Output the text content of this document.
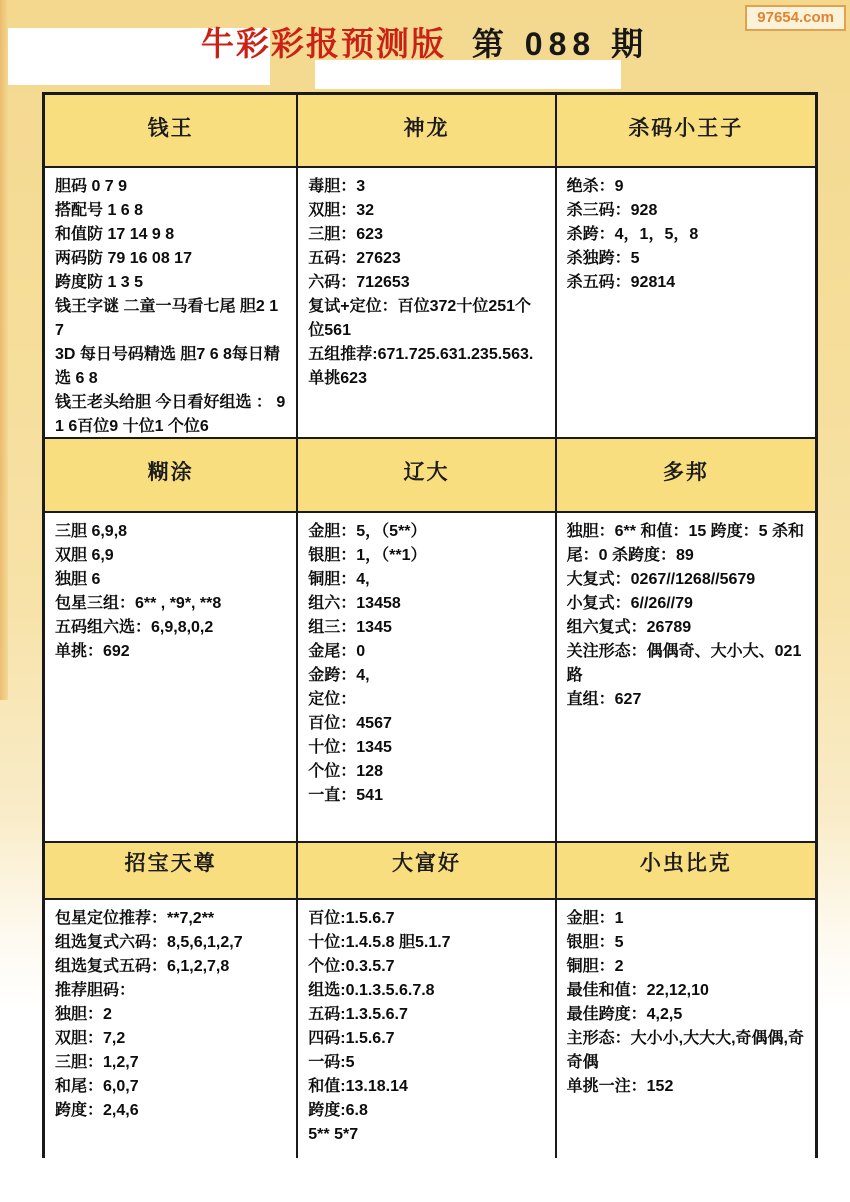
牛彩彩报预测版 第 088 期
97654.com
钱王	神龙	杀码小王子
胆码 0 7 9
搭配号 1 6 8
和值防 17 14 9 8
两码防 79 16 08 17
跨度防 1 3 5
钱王字谜 二童一马看七尾 胆2 1 7
3D 每日号码精选 胆7 6 8每日精选 6 8
钱王老头给胆 今日看好组选 ： 9 1 6百位9 十位1 个位6
毒胆：3
双胆：32
三胆：623
五码：27623
六码：712653
复试+定位：百位372十位251个位561
五组推荐:671.725.631.235.563.
单挑623
绝杀：9
杀三码：928
杀跨：4，1，5，8
杀独跨：5
杀五码：92814
糊涂	辽大	多邦
三胆 6,9,8
双胆 6,9
独胆 6
包星三组：6** , *9*, **8
五码组六选：6,9,8,0,2
单挑：692
金胆：5，（5**）
银胆：1，（**1）
铜胆：4,
组六：13458
组三：1345
金尾：0
金跨：4,
定位：
百位：4567
十位：1345
个位：128
一直：541
独胆：6** 和值：15 跨度：5 杀和尾：0 杀跨度：89
大复式：0267//1268//5679
小复式：6//26//79
组六复式：26789
关注形态：偶偶奇、大小大、021路
直组：627
招宝天尊	大富好	小虫比克
包星定位推荐：**7,2**
组选复式六码：8,5,6,1,2,7
组选复式五码：6,1,2,7,8
推荐胆码：
独胆：2
双胆：7,2
三胆：1,2,7
和尾：6,0,7
跨度：2,4,6
百位:1.5.6.7
十位:1.4.5.8 胆5.1.7
个位:0.3.5.7
组选:0.1.3.5.6.7.8
五码:1.3.5.6.7
四码:1.5.6.7
一码:5
和值:13.18.14
跨度:6.8
5** 5*7
金胆：1
银胆：5
铜胆：2
最佳和值：22,12,10
最佳跨度：4,2,5
主形态：大小小,大大大,奇偶偶,奇奇偶
单挑一注：152
